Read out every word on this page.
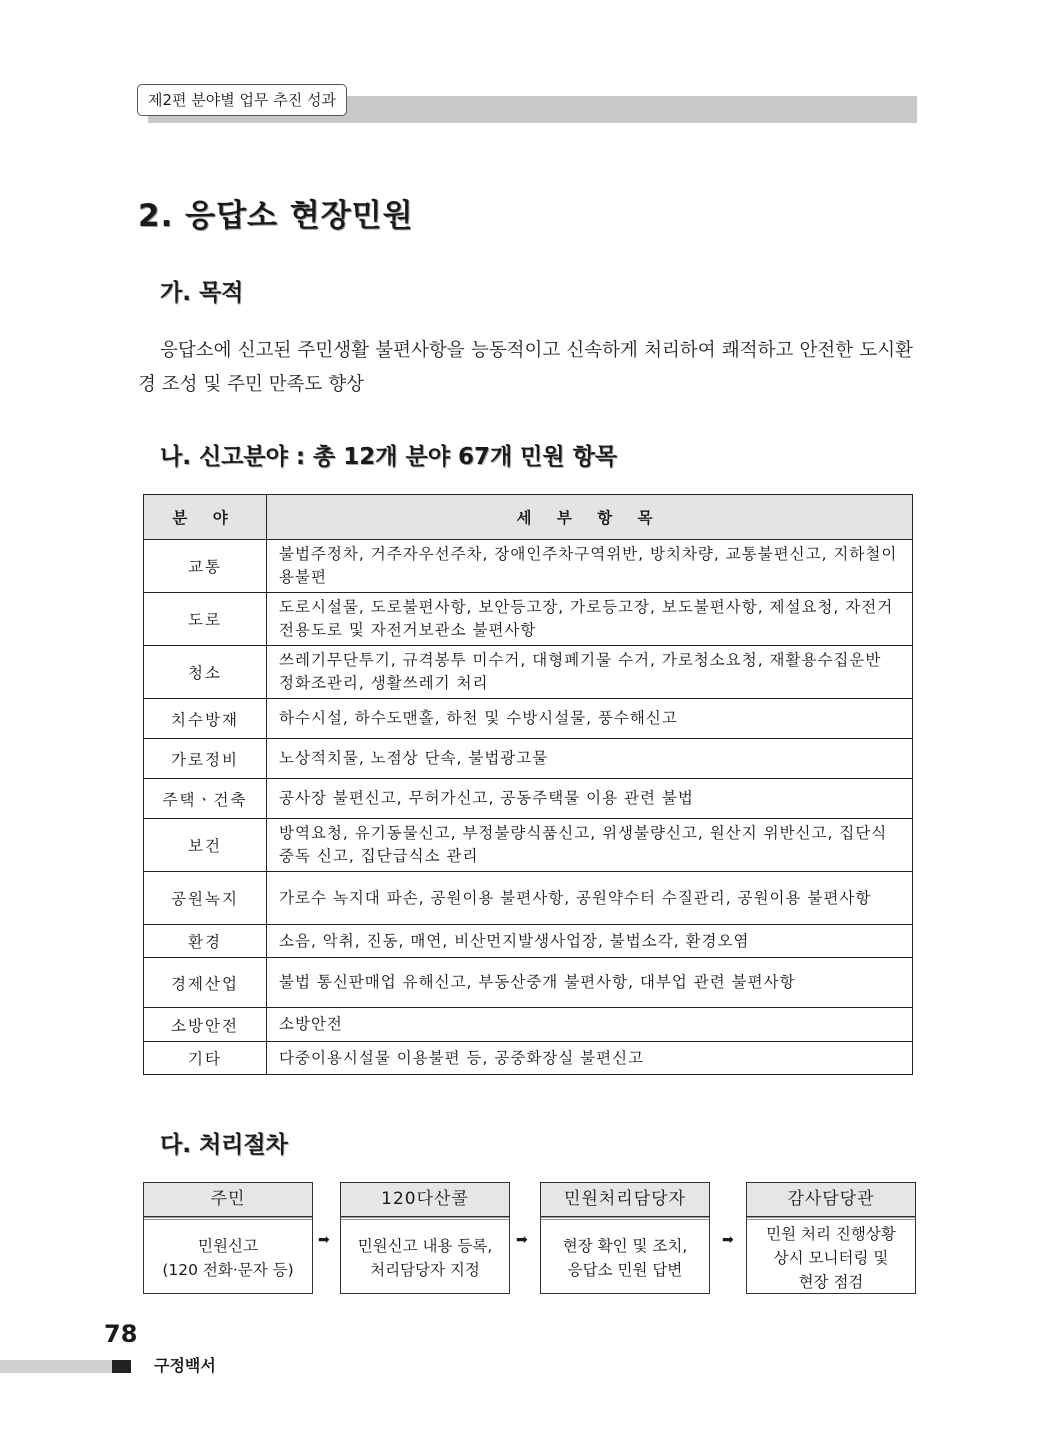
제2편 분야별 업무 추진 성과
2. 응답소 현장민원
가. 목적
응답소에 신고된 주민생활 불편사항을 능동적이고 신속하게 처리하여 쾌적하고 안전한 도시환경 조성 및 주민 만족도 향상
나. 신고분야 : 총 12개 분야 67개 민원 항목
분 야	세 부 항 목
교통	불법주정차, 거주자우선주차, 장애인주차구역위반, 방치차량, 교통불편신고, 지하철이용불편
도로	도로시설물, 도로불편사항, 보안등고장, 가로등고장, 보도불편사항, 제설요청, 자전거전용도로 및 자전거보관소 불편사항
청소	쓰레기무단투기, 규격봉투 미수거, 대형폐기물 수거, 가로청소요청, 재활용수집운반 정화조관리, 생활쓰레기 처리
치수방재	하수시설, 하수도맨홀, 하천 및 수방시설물, 풍수해신고
가로정비	노상적치물, 노점상 단속, 불법광고물
주택ㆍ건축	공사장 불편신고, 무허가신고, 공동주택물 이용 관련 불법
보건	방역요청, 유기동물신고, 부정불량식품신고, 위생불량신고, 원산지 위반신고, 집단식중독 신고, 집단급식소 관리
공원녹지	가로수 녹지대 파손, 공원이용 불편사항, 공원약수터 수질관리, 공원이용 불편사항
환경	소음, 악취, 진동, 매연, 비산먼지발생사업장, 불법소각, 환경오염
경제산업	불법 통신판매업 유해신고, 부동산중개 불편사항, 대부업 관련 불편사항
소방안전	소방안전
기타	다중이용시설물 이용불편 등, 공중화장실 불편신고
다. 처리절차
주민
민원신고
(120 전화·문자 등)
➡
120다산콜
민원신고 내용 등록,
처리담당자 지정
➡
민원처리담당자
현장 확인 및 조치,
응답소 민원 답변
➡
감사담당관
민원 처리 진행상황
상시 모니터링 및
현장 점검
78
구정백서
